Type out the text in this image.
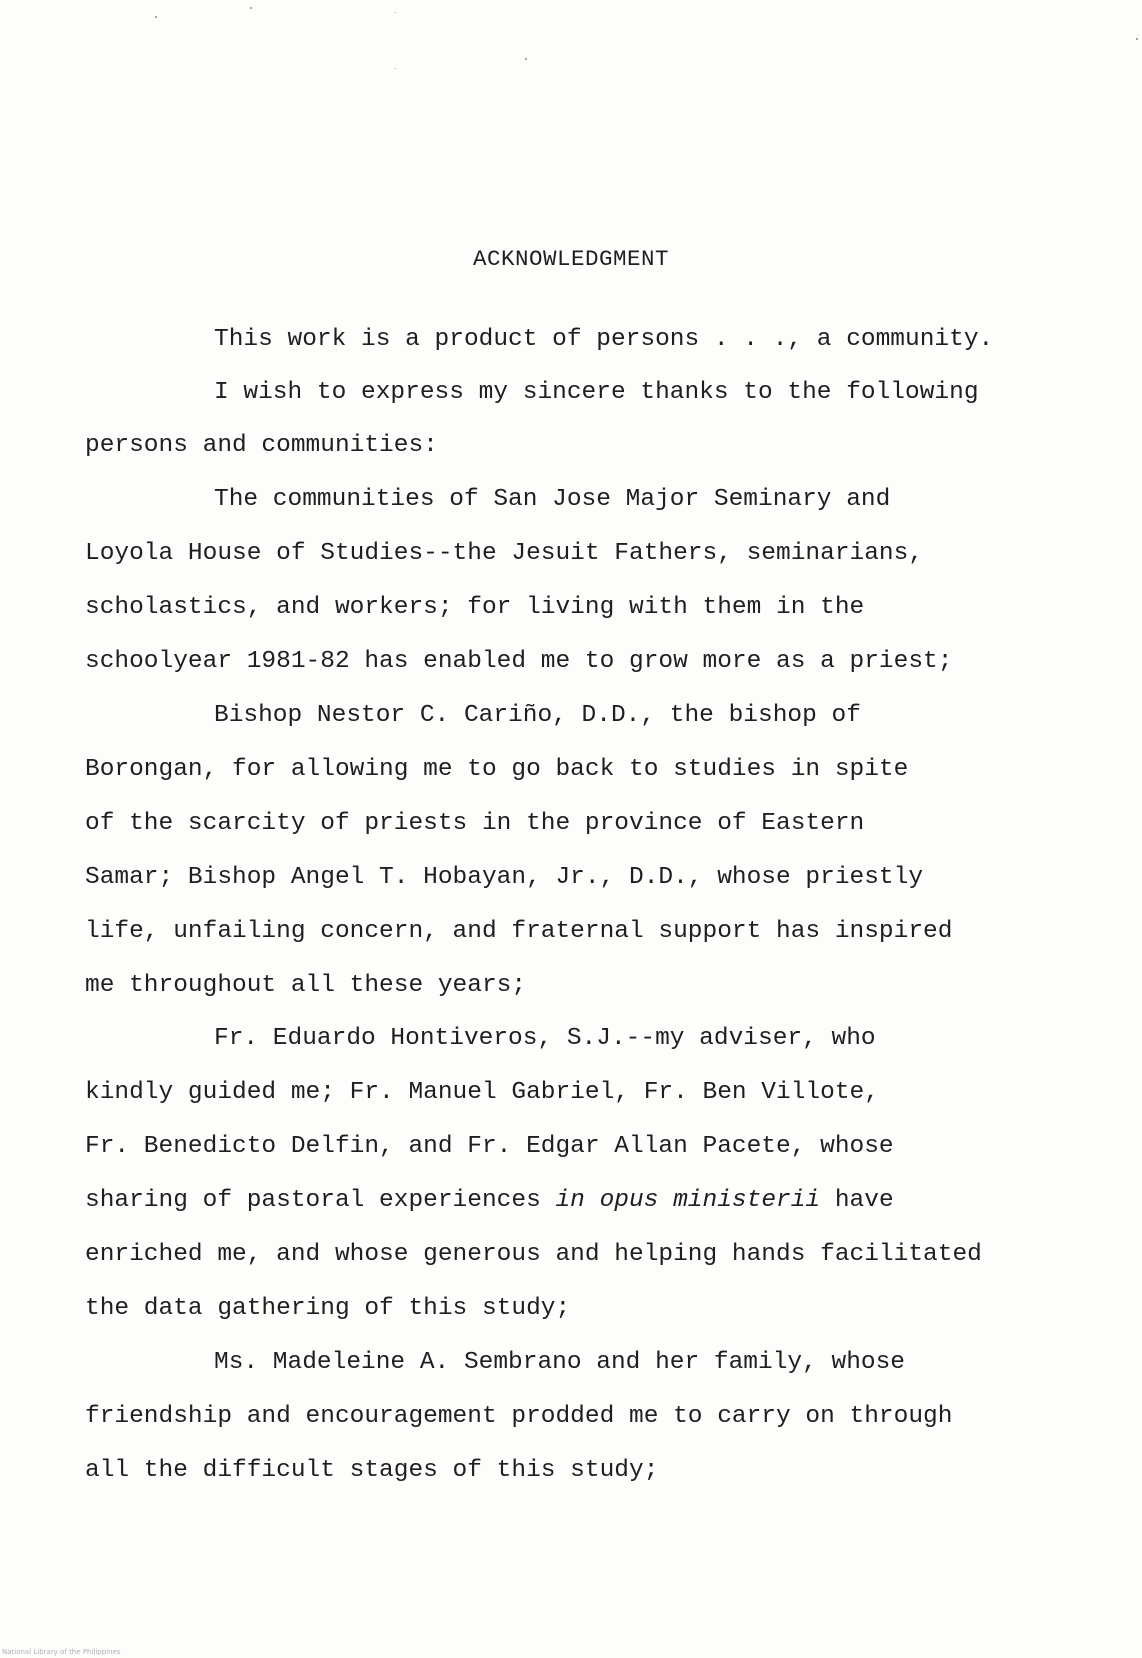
ACKNOWLEDGMENT
This work is a product of persons . . ., a community.
I wish to express my sincere thanks to the following
persons and communities:
The communities of San Jose Major Seminary and
Loyola House of Studies--the Jesuit Fathers, seminarians,
scholastics, and workers; for living with them in the
schoolyear 1981-82 has enabled me to grow more as a priest;
Bishop Nestor C. Cariño, D.D., the bishop of
Borongan, for allowing me to go back to studies in spite
of the scarcity of priests in the province of Eastern
Samar; Bishop Angel T. Hobayan, Jr., D.D., whose priestly
life, unfailing concern, and fraternal support has inspired
me throughout all these years;
Fr. Eduardo Hontiveros, S.J.--my adviser, who
kindly guided me; Fr. Manuel Gabriel, Fr. Ben Villote,
Fr. Benedicto Delfin, and Fr. Edgar Allan Pacete, whose
sharing of pastoral experiences in opus ministerii have
enriched me, and whose generous and helping hands facilitated
the data gathering of this study;
Ms. Madeleine A. Sembrano and her family, whose
friendship and encouragement prodded me to carry on through
all the difficult stages of this study;
National Library of the Philippines
